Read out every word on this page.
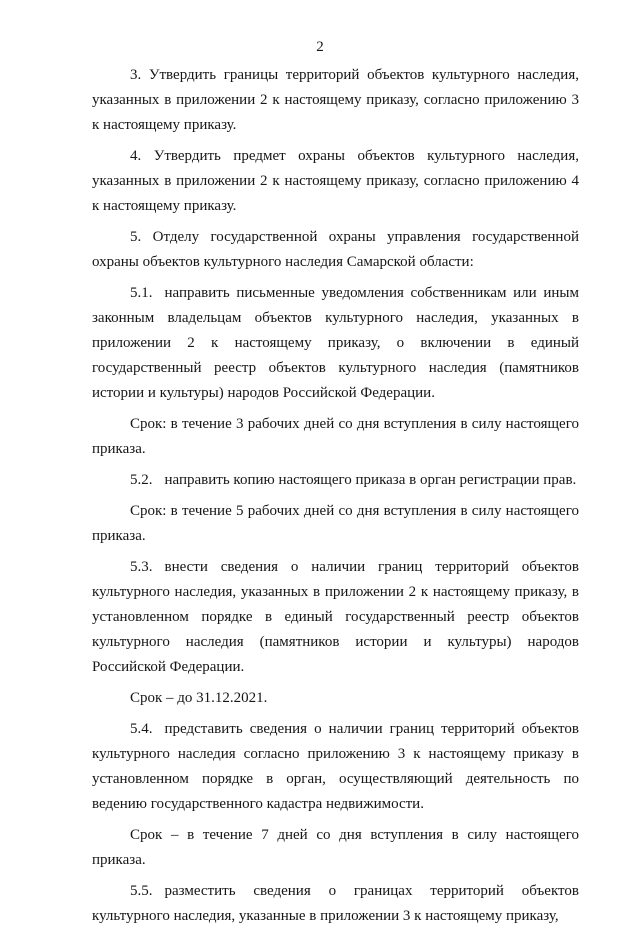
2

3. Утвердить границы территорий объектов культурного наследия, указанных в приложении 2 к настоящему приказу, согласно приложению 3 к настоящему приказу.

4. Утвердить предмет охраны объектов культурного наследия, указанных в приложении 2 к настоящему приказу, согласно приложению 4 к настоящему приказу.

5. Отделу государственной охраны управления государственной охраны объектов культурного наследия Самарской области:

5.1. направить письменные уведомления собственникам или иным законным владельцам объектов культурного наследия, указанных в приложении 2 к настоящему приказу, о включении в единый государственный реестр объектов культурного наследия (памятников истории и культуры) народов Российской Федерации.

Срок: в течение 3 рабочих дней со дня вступления в силу настоящего приказа.

5.2. направить копию настоящего приказа в орган регистрации прав.

Срок: в течение 5 рабочих дней со дня вступления в силу настоящего приказа.

5.3. внести сведения о наличии границ территорий объектов культурного наследия, указанных в приложении 2 к настоящему приказу, в установленном порядке в единый государственный реестр объектов культурного наследия (памятников истории и культуры) народов Российской Федерации.

Срок – до 31.12.2021.

5.4. представить сведения о наличии границ территорий объектов культурного наследия согласно приложению 3 к настоящему приказу в установленном порядке в орган, осуществляющий деятельность по ведению государственного кадастра недвижимости.

Срок – в течение 7 дней со дня вступления в силу настоящего приказа.

5.5. разместить сведения о границах территорий объектов культурного наследия, указанные в приложении 3 к настоящему приказу,
